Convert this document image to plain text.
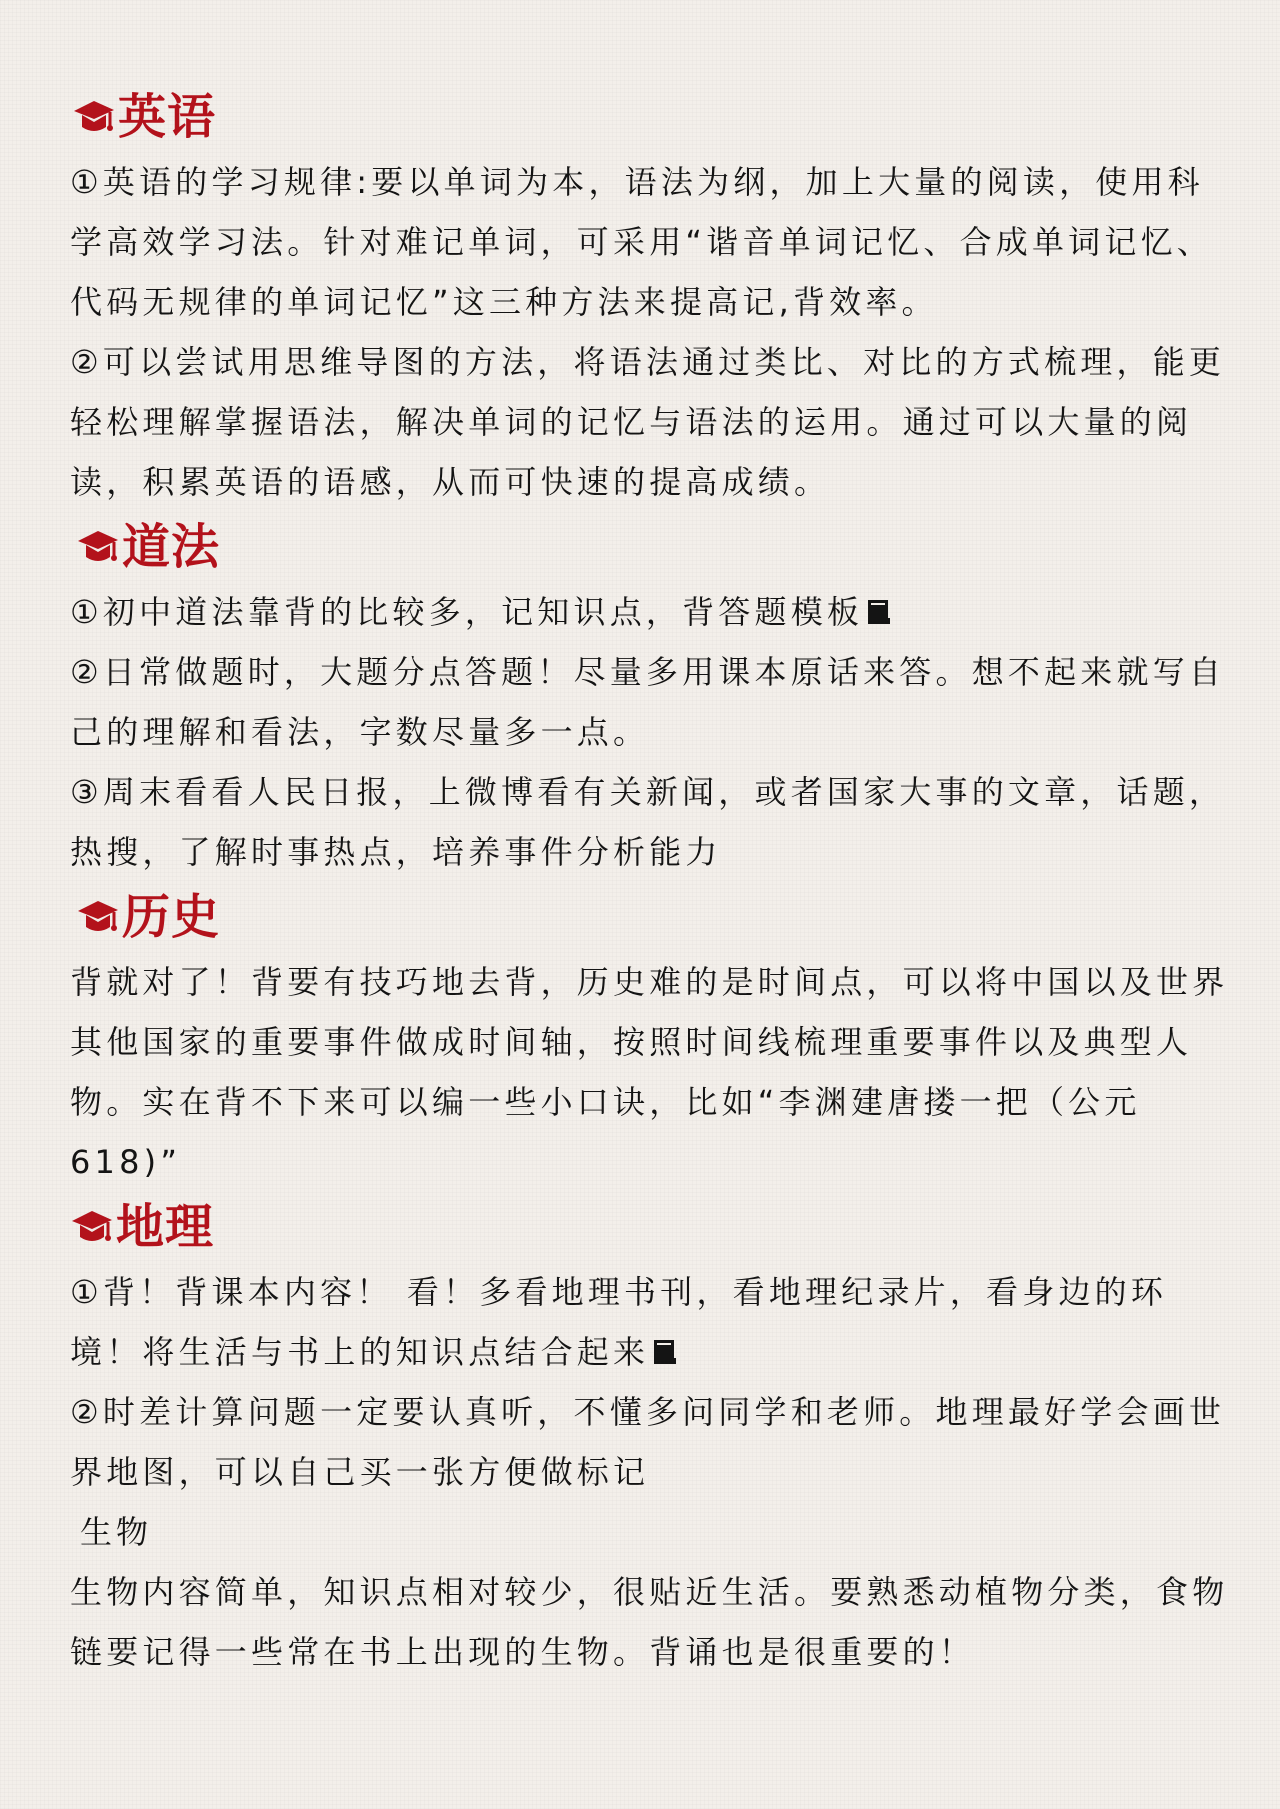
英语

①英语的学习规律:要以单词为本，语法为纲，加上大量的阅读，使用科学高效学习法。针对难记单词，可采用“谐音单词记忆、合成单词记忆、代码无规律的单词记忆”这三种方法来提高记,背效率。

②可以尝试用思维导图的方法，将语法通过类比、对比的方式梳理，能更轻松理解掌握语法，解决单词的记忆与语法的运用。通过可以大量的阅读，积累英语的语感，从而可快速的提高成绩。

道法

①初中道法靠背的比较多，记知识点，背答题模板

②日常做题时，大题分点答题！尽量多用课本原话来答。想不起来就写自己的理解和看法，字数尽量多一点。

③周末看看人民日报，上微博看有关新闻，或者国家大事的文章，话题，热搜，了解时事热点，培养事件分析能力

历史

背就对了！背要有技巧地去背，历史难的是时间点，可以将中国以及世界其他国家的重要事件做成时间轴，按照时间线梳理重要事件以及典型人物。实在背不下来可以编一些小口诀，比如“李渊建唐搂一把（公元618)”

地理

①背！背课本内容！ 看！多看地理书刊，看地理纪录片，看身边的环境！将生活与书上的知识点结合起来

②时差计算问题一定要认真听，不懂多问同学和老师。地理最好学会画世界地图，可以自己买一张方便做标记

生物

生物内容简单，知识点相对较少，很贴近生活。要熟悉动植物分类，食物链要记得一些常在书上出现的生物。背诵也是很重要的！
